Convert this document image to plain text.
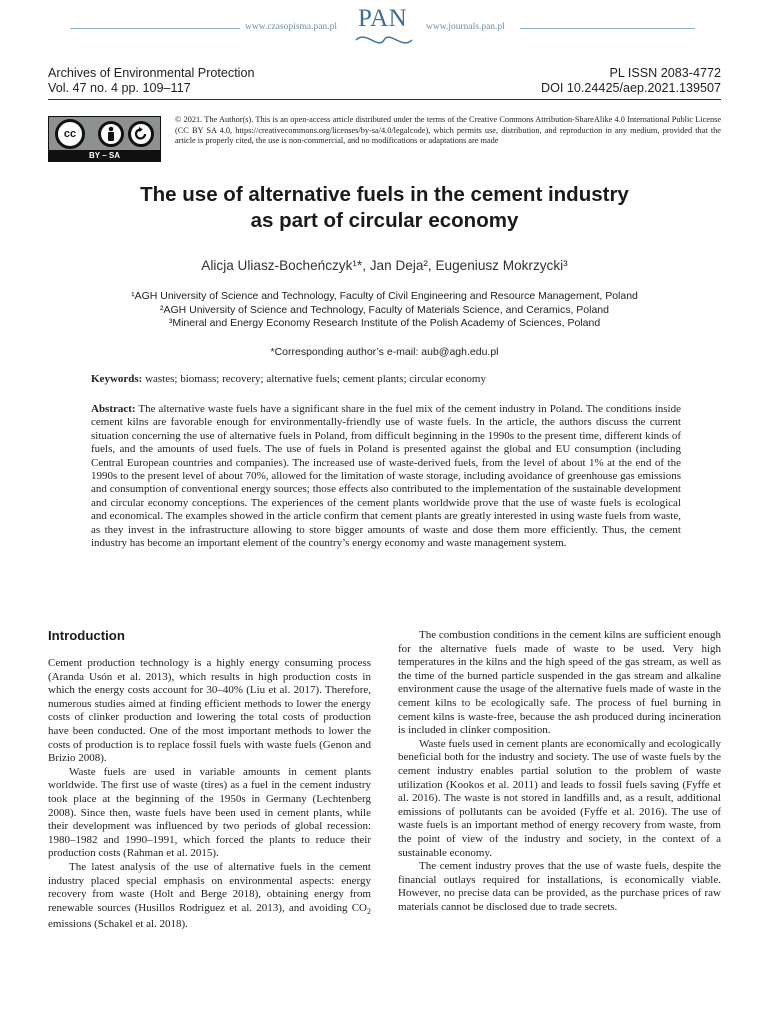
www.czasopisma.pan.pl PAN www.journals.pan.pl
Archives of Environmental Protection
Vol. 47 no. 4 pp. 109–117
PL ISSN 2083-4772
DOI 10.24425/aep.2021.139507
cc
BY – SA
© 2021. The Author(s). This is an open-access article distributed under the terms of the Creative Commons Attribution-ShareAlike 4.0 International Public License (CC BY SA 4.0, https://creativecommons.org/licenses/by-sa/4.0/legalcode), which permits use, distribution, and reproduction in any medium, provided that the article is properly cited, the use is non-commercial, and no modifications or adaptations are made
The use of alternative fuels in the cement industry
as part of circular economy
Alicja Uliasz-Bocheńczyk¹*, Jan Deja², Eugeniusz Mokrzycki³
¹AGH University of Science and Technology, Faculty of Civil Engineering and Resource Management, Poland
²AGH University of Science and Technology, Faculty of Materials Science, and Ceramics, Poland
³Mineral and Energy Economy Research Institute of the Polish Academy of Sciences, Poland
*Corresponding author’s e-mail: aub@agh.edu.pl
Keywords: wastes; biomass; recovery; alternative fuels; cement plants; circular economy
Abstract: The alternative waste fuels have a significant share in the fuel mix of the cement industry in Poland. The conditions inside cement kilns are favorable enough for environmentally-friendly use of waste fuels. In the article, the authors discuss the current situation concerning the use of alternative fuels in Poland, from difficult beginning in the 1990s to the present time, different kinds of fuels, and the amounts of used fuels. The use of fuels in Poland is presented against the global and EU consumption (including Central European countries and companies). The increased use of waste-derived fuels, from the level of about 1% at the end of the 1990s to the present level of about 70%, allowed for the limitation of waste storage, including avoidance of greenhouse gas emissions and consumption of conventional energy sources; those effects also contributed to the implementation of the sustainable development and circular economy conceptions. The experiences of the cement plants worldwide prove that the use of waste fuels is ecological and economical. The examples showed in the article confirm that cement plants are greatly interested in using waste fuels from waste, as they invest in the infrastructure allowing to store bigger amounts of waste and dose them more efficiently. Thus, the cement industry has become an important element of the country’s energy economy and waste management system.
Introduction

Cement production technology is a highly energy consuming process (Aranda Usón et al. 2013), which results in high production costs in which the energy costs account for 30–40% (Liu et al. 2017). Therefore, numerous studies aimed at finding efficient methods to lower the energy costs of clinker production and lowering the total costs of production have been conducted. One of the most important methods to lower the costs of production is to replace fossil fuels with waste fuels (Genon and Brizio 2008).

Waste fuels are used in variable amounts in cement plants worldwide. The first use of waste (tires) as a fuel in the cement industry took place at the beginning of the 1950s in Germany (Lechtenberg 2008). Since then, waste fuels have been used in cement plants, while their development was influenced by two periods of global recession: 1980–1982 and 1990–1991, which forced the plants to reduce their production costs (Rahman et al. 2015).

The latest analysis of the use of alternative fuels in the cement industry placed special emphasis on environmental aspects: energy recovery from waste (Holt and Berge 2018), obtaining energy from renewable sources (Husillos Rodriguez et al. 2013), and avoiding $CO_2$ emissions (Schakel et al. 2018).

The combustion conditions in the cement kilns are sufficient enough for the alternative fuels made of waste to be used. Very high temperatures in the kilns and the high speed of the gas stream, as well as the time of the burned particle suspended in the gas stream and alkaline environment cause the usage of the alternative fuels made of waste in the cement kilns to be ecologically safe. The process of fuel burning in cement kilns is waste-free, because the ash produced during incineration is included in clinker composition.

Waste fuels used in cement plants are economically and ecologically beneficial both for the industry and society. The use of waste fuels by the cement industry enables partial solution to the problem of waste utilization (Kookos et al. 2011) and leads to fossil fuels saving (Fyffe et al. 2016). The waste is not stored in landfills and, as a result, additional emissions of pollutants can be avoided (Fyffe et al. 2016). The use of waste fuels is an important method of energy recovery from waste, from the point of view of the industry and society, in the context of a sustainable economy.

The cement industry proves that the use of waste fuels, despite the financial outlays required for installations, is economically viable. However, no precise data can be provided, as the purchase prices of raw materials cannot be disclosed due to trade secrets.
